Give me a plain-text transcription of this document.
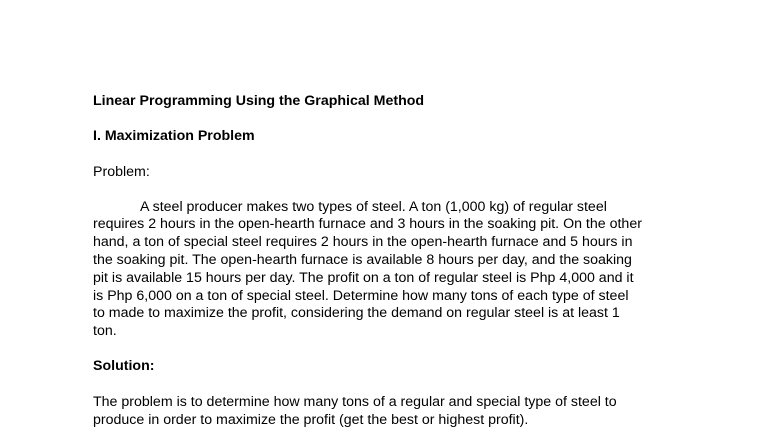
Linear Programming Using the Graphical Method
I. Maximization Problem
Problem:
A steel producer makes two types of steel. A ton (1,000 kg) of regular steel
requires 2 hours in the open-hearth furnace and 3 hours in the soaking pit. On the other
hand, a ton of special steel requires 2 hours in the open-hearth furnace and 5 hours in
the soaking pit. The open-hearth furnace is available 8 hours per day, and the soaking
pit is available 15 hours per day. The profit on a ton of regular steel is Php 4,000 and it
is Php 6,000 on a ton of special steel. Determine how many tons of each type of steel
to made to maximize the profit, considering the demand on regular steel is at least 1
ton.
Solution:
The problem is to determine how many tons of a regular and special type of steel to
produce in order to maximize the profit (get the best or highest profit).
